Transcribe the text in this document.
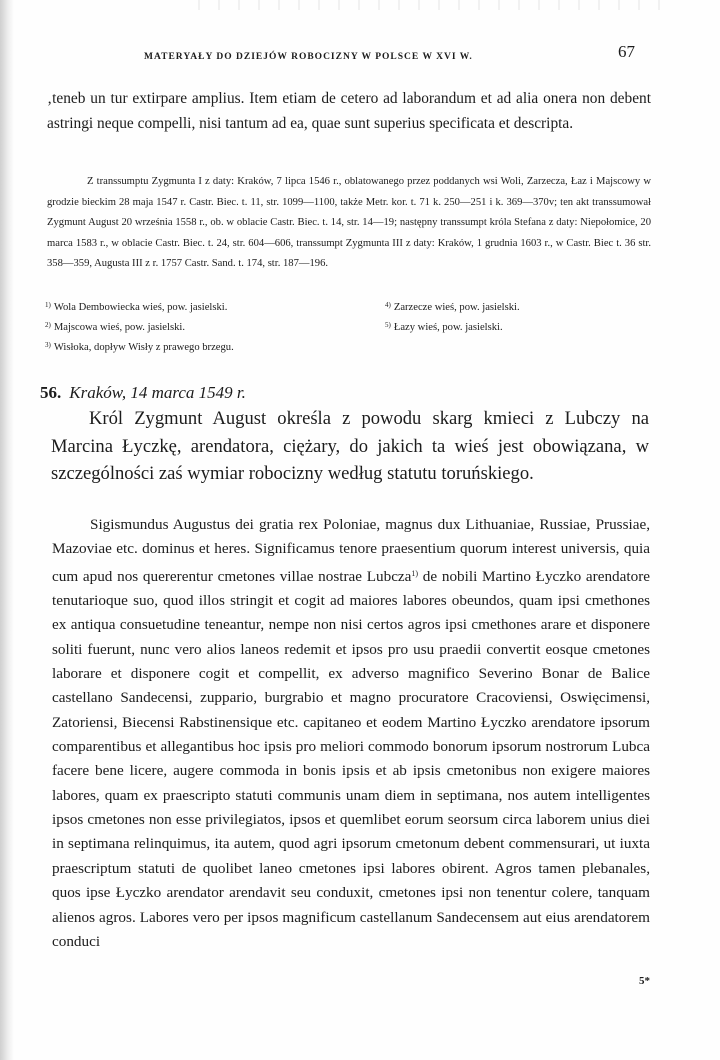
MATERYAŁY DO DZIEJÓW ROBOCIZNY W POLSCE W XVI W.	67

‚teneb un tur extirpare amplius. Item etiam de cetero ad laborandum et ad alia onera non debent astringi neque compelli, nisi tantum ad ea, quae sunt superius specificata et descripta.

Z transsumptu Zygmunta I z daty: Kraków, 7 lipca 1546 r., oblatowanego przez poddanych wsi Woli, Zarzecza, Łaz i Majscowy w grodzie bieckim 28 maja 1547 r. Castr. Biec. t. 11, str. 1099—1100, także Metr. kor. t. 71 k. 250—251 i k. 369—370v; ten akt transsumował Zygmunt August 20 września 1558 r., ob. w oblacie Castr. Biec. t. 14, str. 14—19; następny transsumpt króla Stefana z daty: Niepołomice, 20 marca 1583 r., w oblacie Castr. Biec. t. 24, str. 604—606, transsumpt Zygmunta III z daty: Kraków, 1 grudnia 1603 r., w Castr. Biec t. 36 str. 358—359, Augusta III z r. 1757 Castr. Sand. t. 174, str. 187—196.

$^{1)}$ Wola Dembowiecka wieś, pow. jasielski.
$^{2)}$ Majscowa wieś, pow. jasielski.
$^{3)}$ Wisłoka, dopływ Wisły z prawego brzegu.
$^{4)}$ Zarzecze wieś, pow. jasielski.
$^{5)}$ Łazy wieś, pow. jasielski.
56. Kraków, 14 marca 1549 r.

Król Zygmunt August określa z powodu skarg kmieci z Lubczy na Marcina Łyczkę, arendatora, ciężary, do jakich ta wieś jest obowiązana, w szczególności zaś wymiar robocizny według statutu toruńskiego.

Sigismundus Augustus dei gratia rex Poloniae, magnus dux Lithuaniae, Russiae, Prussiae, Mazoviae etc. dominus et heres. Significamus tenore praesentium quorum interest universis, quia cum apud nos quererentur cmetones villae nostrae Lubcza$^{1)}$ de nobili Martino Łyczko arendatore tenutarioque suo, quod illos stringit et cogit ad maiores labores obeundos, quam ipsi cmethones ex antiqua consuetudine teneantur, nempe non nisi certos agros ipsi cmethones arare et disponere soliti fuerunt, nunc vero alios laneos redemit et ipsos pro usu praedii convertit eosque cmetones laborare et disponere cogit et compellit, ex adverso magnifico Severino Bonar de Balice castellano Sandecensi, zuppario, burgrabio et magno procuratore Cracoviensi, Oswięcimensi, Zatoriensi, Biecensi Rabstinensique etc. capitaneo et eodem Martino Łyczko arendatore ipsorum comparentibus et allegantibus hoc ipsis pro meliori commodo bonorum ipsorum nostrorum Lubca facere bene licere, augere commoda in bonis ipsis et ab ipsis cmetonibus non exigere maiores labores, quam ex praescripto statuti communis unam diem in septimana, nos autem intelligentes ipsos cmetones non esse privilegiatos, ipsos et quemlibet eorum seorsum circa laborem unius diei in septimana relinquimus, ita autem, quod agri ipsorum cmetonum debent commensurari, ut iuxta praescriptum statuti de quolibet laneo cmetones ipsi labores obirent. Agros tamen plebanales, quos ipse Łyczko arendator arendavit seu conduxit, cmetones ipsi non tenentur colere, tanquam alienos agros. Labores vero per ipsos magnificum castellanum Sandecensem aut eius arendatorem conduci

5*
